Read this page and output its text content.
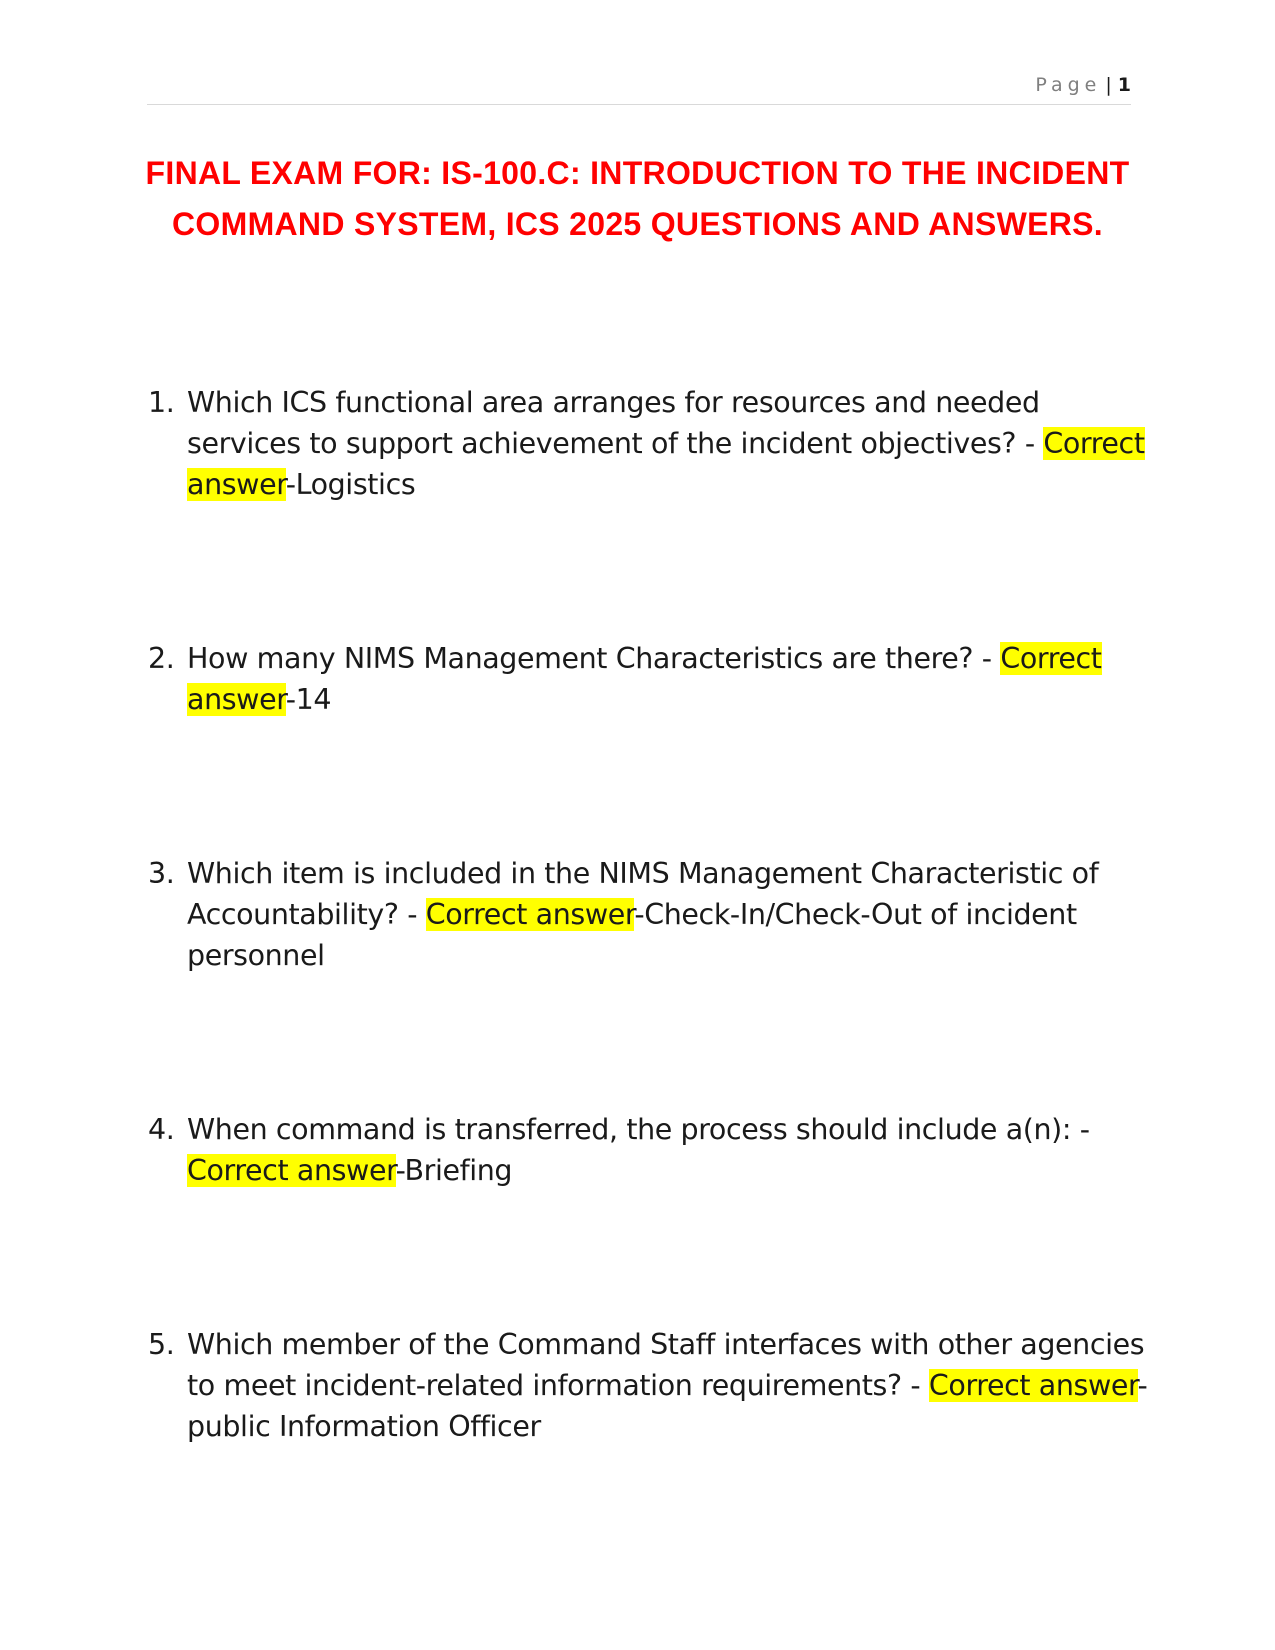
Page | 1
FINAL EXAM FOR: IS-100.C: INTRODUCTION TO THE INCIDENT COMMAND SYSTEM, ICS 2025 QUESTIONS AND ANSWERS.
1. Which ICS functional area arranges for resources and needed services to support achievement of the incident objectives? - Correct answer-Logistics
2. How many NIMS Management Characteristics are there? - Correct answer-14
3. Which item is included in the NIMS Management Characteristic of Accountability? - Correct answer-Check-In/Check-Out of incident personnel
4. When command is transferred, the process should include a(n): - Correct answer-Briefing
5. Which member of the Command Staff interfaces with other agencies to meet incident-related information requirements? - Correct answer-public Information Officer
